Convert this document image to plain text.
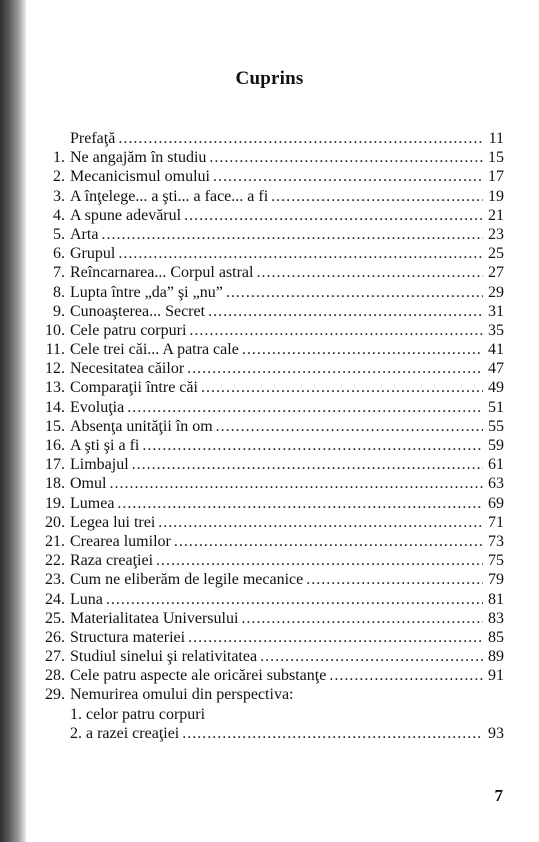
Cuprins
Prefaţă .....	11
1. Ne angajăm în studiu .....	15
2. Mecanicismul omului .....	17
3. A înţelege... a şti... a face... a fi .....	19
4. A spune adevărul .....	21
5. Arta .....	23
6. Grupul .....	25
7. Reîncarnarea... Corpul astral .....	27
8. Lupta între „da” şi „nu” .....	29
9. Cunoaşterea... Secret .....	31
10. Cele patru corpuri .....	35
11. Cele trei căi... A patra cale .....	41
12. Necesitatea căilor .....	47
13. Comparaţii între căi .....	49
14. Evoluţia .....	51
15. Absenţa unităţii în om .....	55
16. A şti şi a fi .....	59
17. Limbajul .....	61
18. Omul .....	63
19. Lumea .....	69
20. Legea lui trei .....	71
21. Crearea lumilor .....	73
22. Raza creaţiei .....	75
23. Cum ne eliberăm de legile mecanice .....	79
24. Luna .....	81
25. Materialitatea Universului .....	83
26. Structura materiei .....	85
27. Studiul sinelui şi relativitatea .....	89
28. Cele patru aspecte ale oricărei substanţe .....	91
29. Nemurirea omului din perspectiva:
1. celor patru corpuri
2. a razei creaţiei .....	93
7
